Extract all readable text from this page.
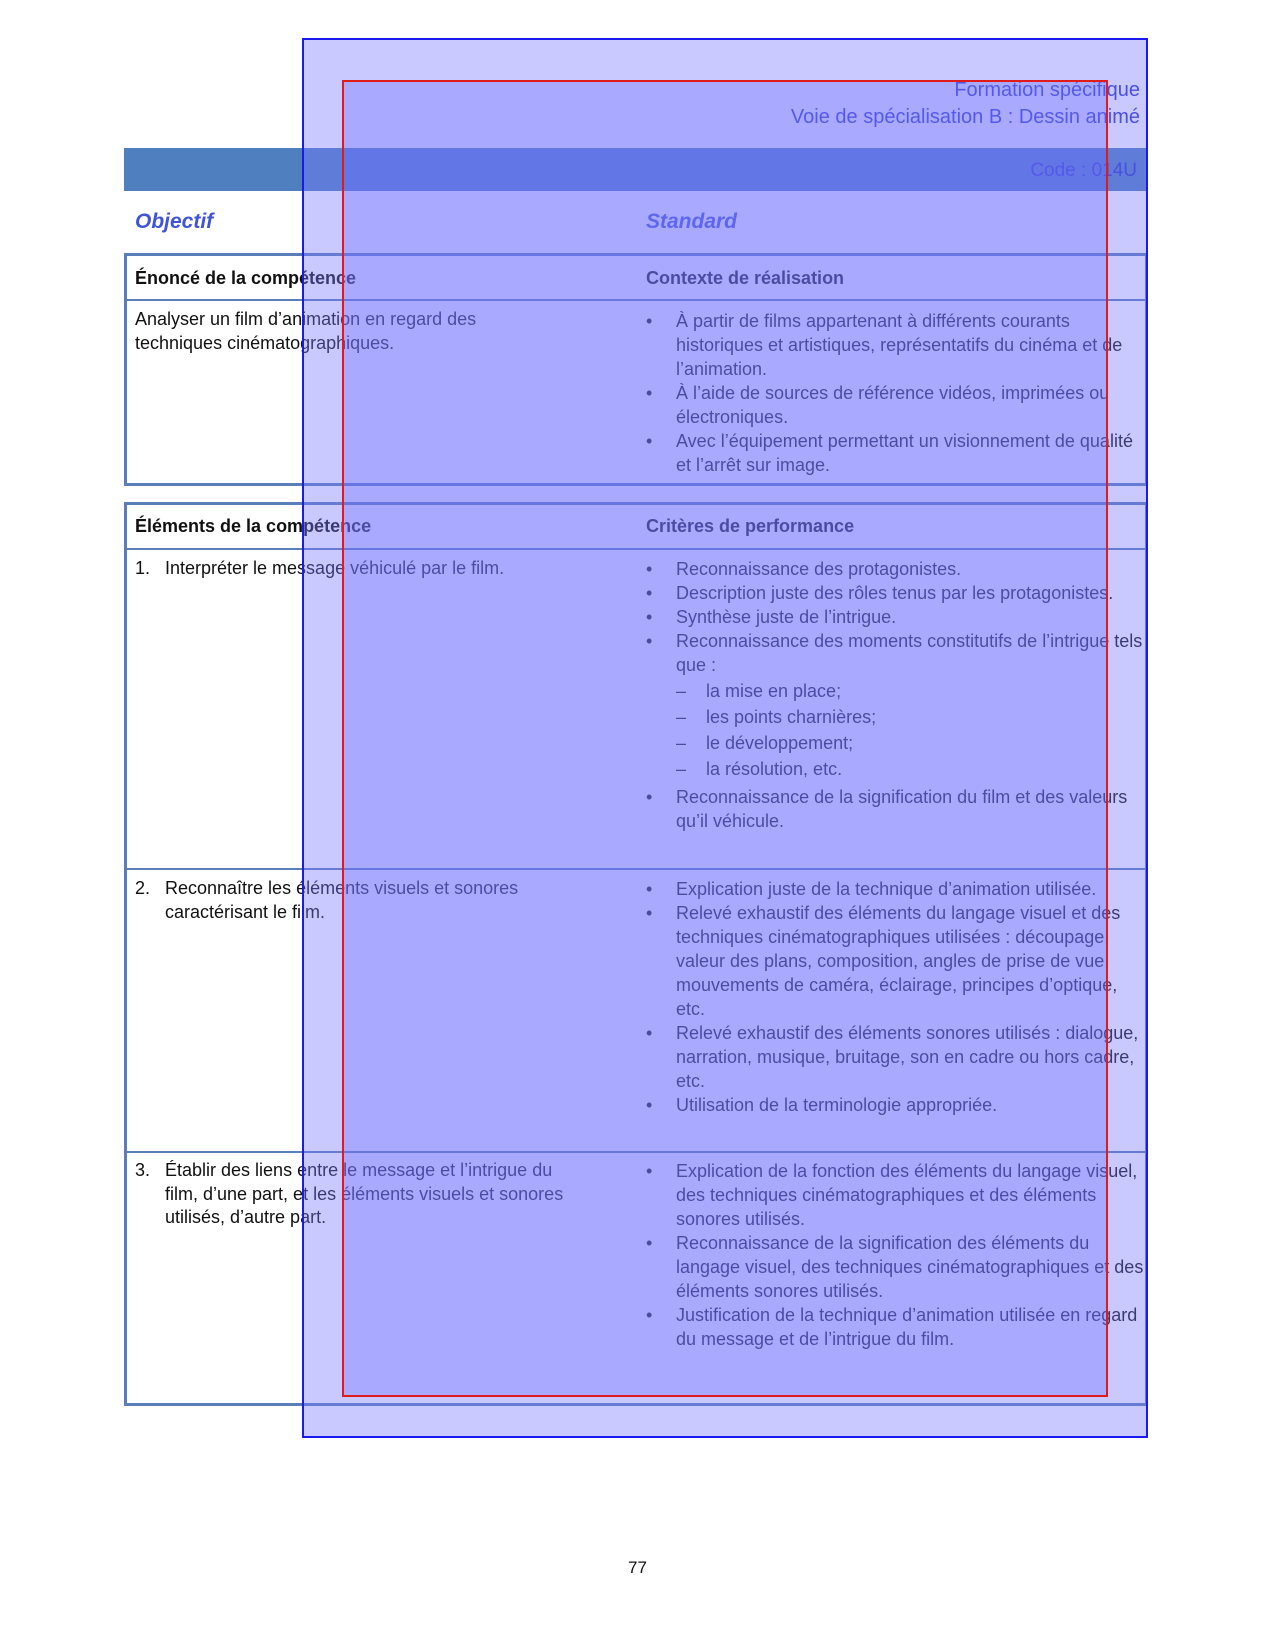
Formation spécifique
Voie de spécialisation B : Dessin animé
Code : 014U
Objectif	Standard
Énoncé de la compétence	Contexte de réalisation
Analyser un film d’animation en regard des techniques cinématographiques.
• À partir de films appartenant à différents courants historiques et artistiques, représentatifs du cinéma et de l’animation.
• À l’aide de sources de référence vidéos, imprimées ou électroniques.
• Avec l’équipement permettant un visionnement de qualité et l’arrêt sur image.
Éléments de la compétence	Critères de performance
1. Interpréter le message véhiculé par le film.
•	Reconnaissance des protagonistes.
• Description juste des rôles tenus par les protagonistes.
• Synthèse juste de l’intrigue.
• Reconnaissance des moments constitutifs de l’intrigue tels que :
– la mise en place;
– les points charnières;
– le développement;
– la résolution, etc.
• Reconnaissance de la signification du film et des valeurs qu’il véhicule.
2. Reconnaître les éléments visuels et sonores caractérisant le film.
• Explication juste de la technique d’animation utilisée.
• Relevé exhaustif des éléments du langage visuel et des techniques cinématographiques utilisées : découpage, valeur des plans, composition, angles de prise de vue, mouvements de caméra, éclairage, principes d’optique, etc.
• Relevé exhaustif des éléments sonores utilisés : dialogue, narration, musique, bruitage, son en cadre ou hors cadre, etc.
• Utilisation de la terminologie appropriée.
3. Établir des liens entre le message et l’intrigue du film, d’une part, et les éléments visuels et sonores utilisés, d’autre part.
• Explication de la fonction des éléments du langage visuel, des techniques cinématographiques et des éléments sonores utilisés.
• Reconnaissance de la signification des éléments du langage visuel, des techniques cinématographiques et des éléments sonores utilisés.
• Justification de la technique d’animation utilisée en regard du message et de l’intrigue du film.
77
